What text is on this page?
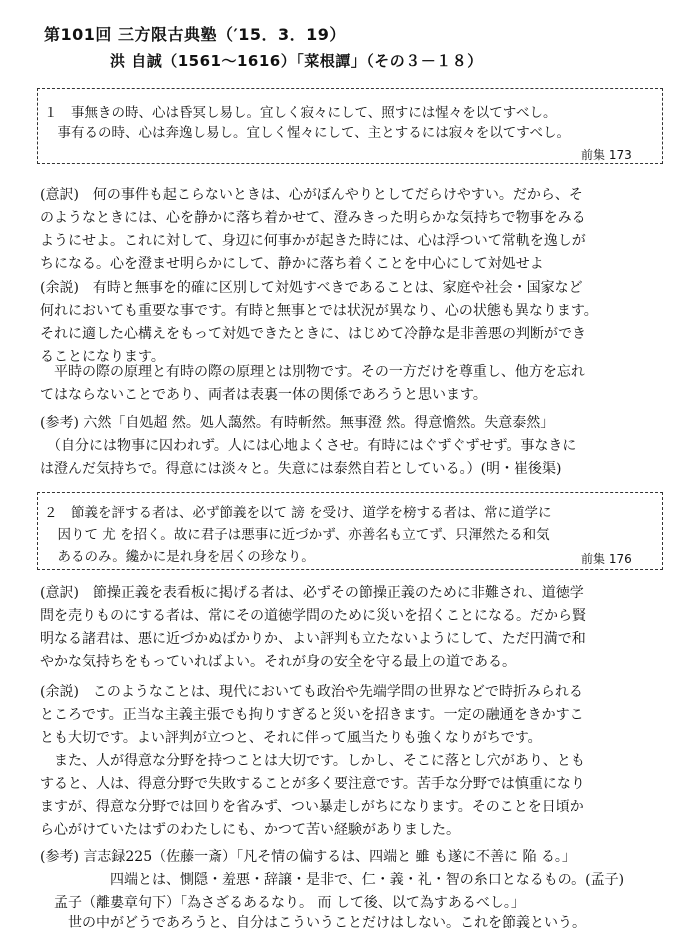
第101回 三方限古典塾（′15．3．19）
洪 自誠（1561〜1616）「菜根譚」（その３－１８）
１　事無きの時、心は昏冥し易し。宜しく寂々にして、照すには惺々を以てすべし。
　事有るの時、心は奔逸し易し。宜しく惺々にして、主とするには寂々を以てすべし。
前集 173
(意訳)　何の事件も起こらないときは、心がぼんやりとしてだらけやすい。だから、そ
のようなときには、心を静かに落ち着かせて、澄みきった明らかな気持ちで物事をみる
ようにせよ。これに対して、身辺に何事かが起きた時には、心は浮ついて常軌を逸しが
ちになる。心を澄ませ明らかにして、静かに落ち着くことを中心にして対処せよ
(余説)　有時と無事を的確に区別して対処すべきであることは、家庭や社会・国家など
何れにおいても重要な事です。有時と無事とでは状況が異なり、心の状態も異なります。
それに適した心構えをもって対処できたときに、はじめて冷静な是非善悪の判断ができ
ることになります。
　平時の際の原理と有時の際の原理とは別物です。その一方だけを尊重し、他方を忘れ
てはならないことであり、両者は表裏一体の関係であろうと思います。
(参考) 六然「自処超 然。処人藹然。有時斬然。無事澄 然。得意憺然。失意泰然」
　（自分には物事に囚われず。人には心地よくさせ。有時にはぐずぐずせず。事なきに
は澄んだ気持ちで。得意には淡々と。失意には泰然自若としている。）(明・崔後渠)
２　節義を評する者は、必ず節義を以て 謗 を受け、道学を榜する者は、常に道学に
　因りて 尤 を招く。故に君子は悪事に近づかず、亦善名も立てず、只渾然たる和気
　あるのみ。纔かに是れ身を居くの珍なり。	前集 176
(意訳)　節操正義を表看板に掲げる者は、必ずその節操正義のために非難され、道徳学
問を売りものにする者は、常にその道徳学問のために災いを招くことになる。だから賢
明なる諸君は、悪に近づかぬばかりか、よい評判も立たないようにして、ただ円満で和
やかな気持ちをもっていればよい。それが身の安全を守る最上の道である。
(余説)　このようなことは、現代においても政治や先端学問の世界などで時折みられる
ところです。正当な主義主張でも拘りすぎると災いを招きます。一定の融通をきかすこ
とも大切です。よい評判が立つと、それに伴って風当たりも強くなりがちです。
　また、人が得意な分野を持つことは大切です。しかし、そこに落とし穴があり、とも
すると、人は、得意分野で失敗することが多く要注意です。苦手な分野では慎重になり
ますが、得意な分野では回りを省みず、つい暴走しがちになります。そのことを日頃か
ら心がけていたはずのわたしにも、かつて苦い経験がありました。
(参考) 言志録225（佐藤一斎）「凡そ情の偏するは、四端と 雖 も遂に不善に 陥 る。」
　　　　　四端とは、惻隠・羞悪・辞譲・是非で、仁・義・礼・智の糸口となるもの。(孟子)
　孟子（離婁章句下）「為さざるあるなり。 而 して後、以て為すあるべし。」
　　世の中がどうであろうと、自分はこういうことだけはしない。これを節義という。
